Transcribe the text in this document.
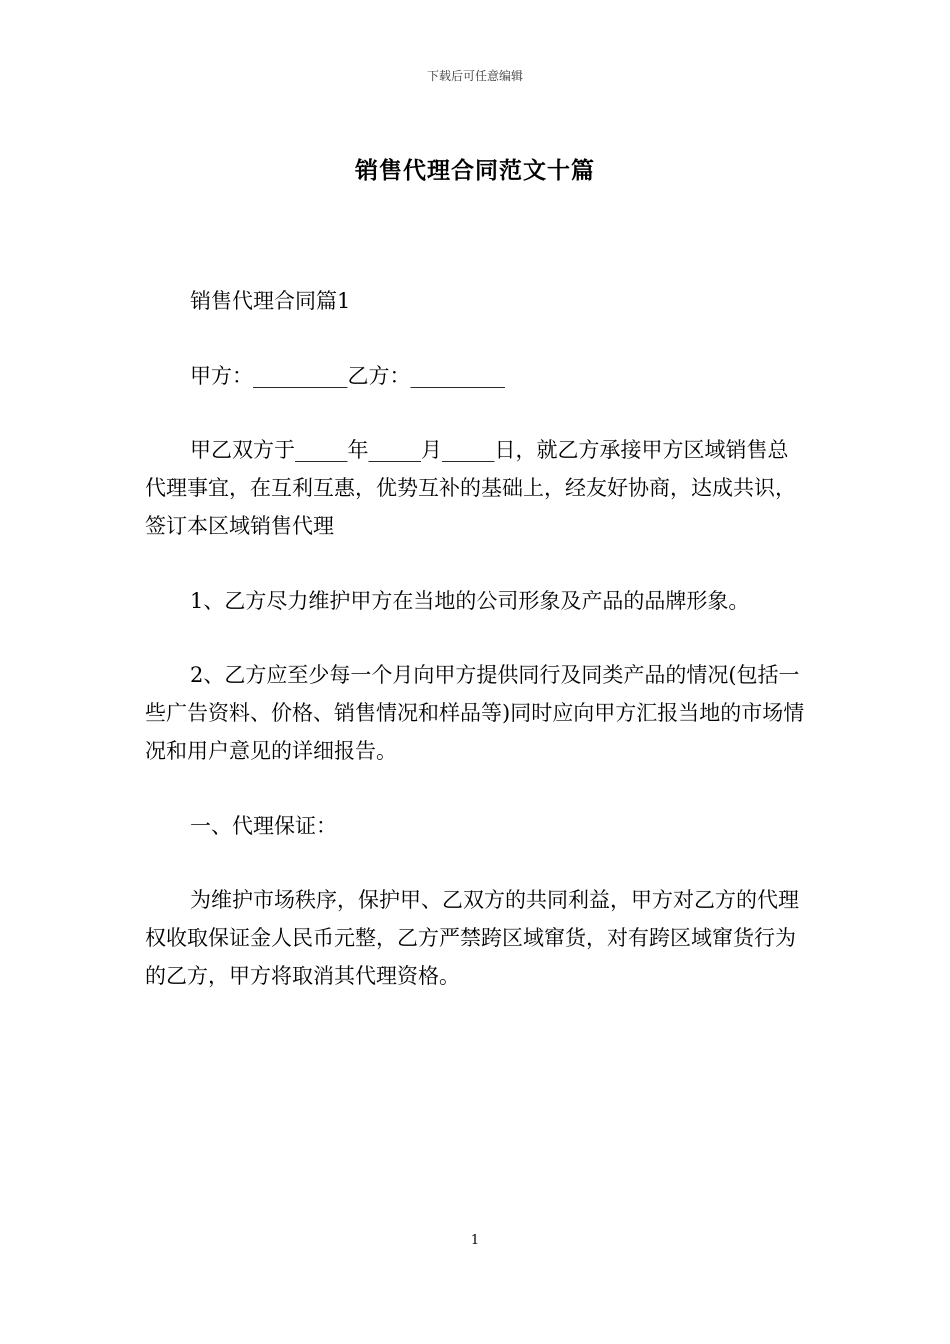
下载后可任意编辑
销售代理合同范文十篇

销售代理合同篇1

甲方：_________乙方：_________

甲乙双方于_____年_____月_____日，就乙方承接甲方区域销售总代理事宜，在互利互惠，优势互补的基础上，经友好协商，达成共识，签订本区域销售代理

1、乙方尽力维护甲方在当地的公司形象及产品的品牌形象。

2、乙方应至少每一个月向甲方提供同行及同类产品的情况(包括一些广告资料、价格、销售情况和样品等)同时应向甲方汇报当地的市场情况和用户意见的详细报告。

一、代理保证：

为维护市场秩序，保护甲、乙双方的共同利益，甲方对乙方的代理权收取保证金人民币元整，乙方严禁跨区域窜货，对有跨区域窜货行为的乙方，甲方将取消其代理资格。

1
